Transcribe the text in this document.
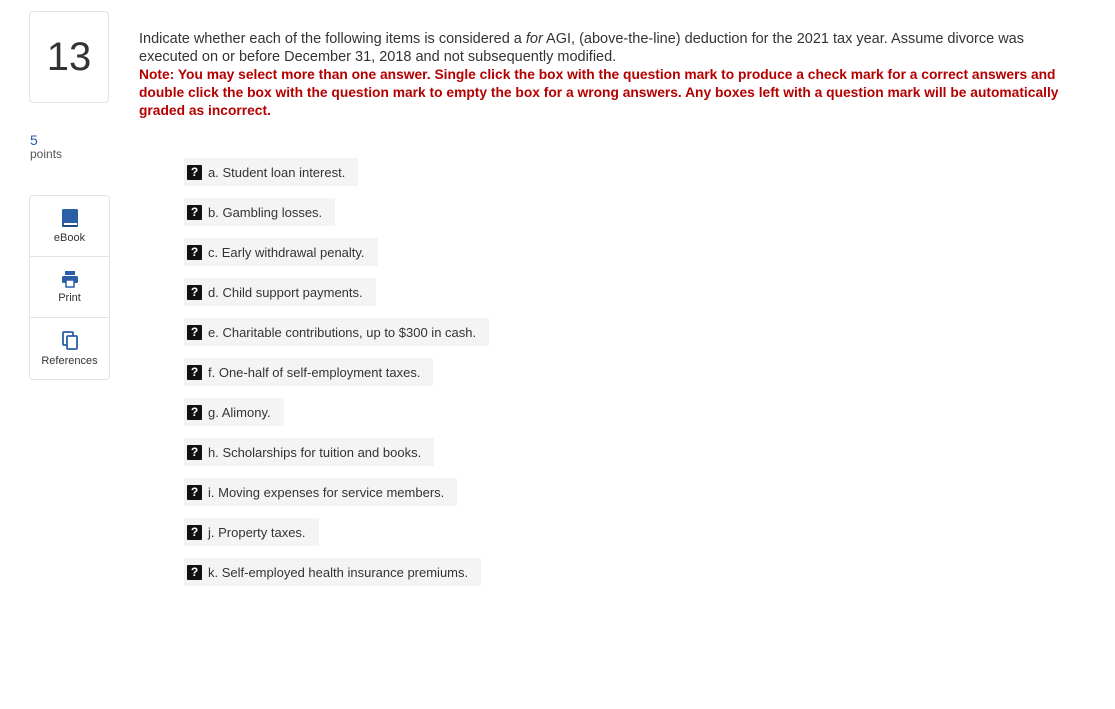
13
5
points
eBook
Print
References
Indicate whether each of the following items is considered a for AGI, (above-the-line) deduction for the 2021 tax year. Assume divorce was executed on or before December 31, 2018 and not subsequently modified.
Note: You may select more than one answer. Single click the box with the question mark to produce a check mark for a correct answers and double click the box with the question mark to empty the box for a wrong answers. Any boxes left with a question mark will be automatically graded as incorrect.
? a. Student loan interest.
? b. Gambling losses.
? c. Early withdrawal penalty.
? d. Child support payments.
? e. Charitable contributions, up to $300 in cash.
? f. One-half of self-employment taxes.
? g. Alimony.
? h. Scholarships for tuition and books.
? i. Moving expenses for service members.
? j. Property taxes.
? k. Self-employed health insurance premiums.
